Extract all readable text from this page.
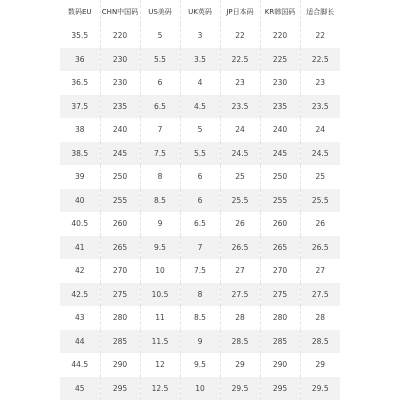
数码EU	CHN中国码	US美码	UK英码	JP日本码	KR韩国码	适合脚长
35.5	220	5	3	22	220	22
36	230	5.5	3.5	22.5	225	22.5
36.5	230	6	4	23	230	23
37.5	235	6.5	4.5	23.5	235	23.5
38	240	7	5	24	240	24
38.5	245	7.5	5.5	24.5	245	24.5
39	250	8	6	25	250	25
40	255	8.5	6	25.5	255	25.5
40.5	260	9	6.5	26	260	26
41	265	9.5	7	26.5	265	26.5
42	270	10	7.5	27	270	27
42.5	275	10.5	8	27.5	275	27.5
43	280	11	8.5	28	280	28
44	285	11.5	9	28.5	285	28.5
44.5	290	12	9.5	29	290	29
45	295	12.5	10	29.5	295	29.5
